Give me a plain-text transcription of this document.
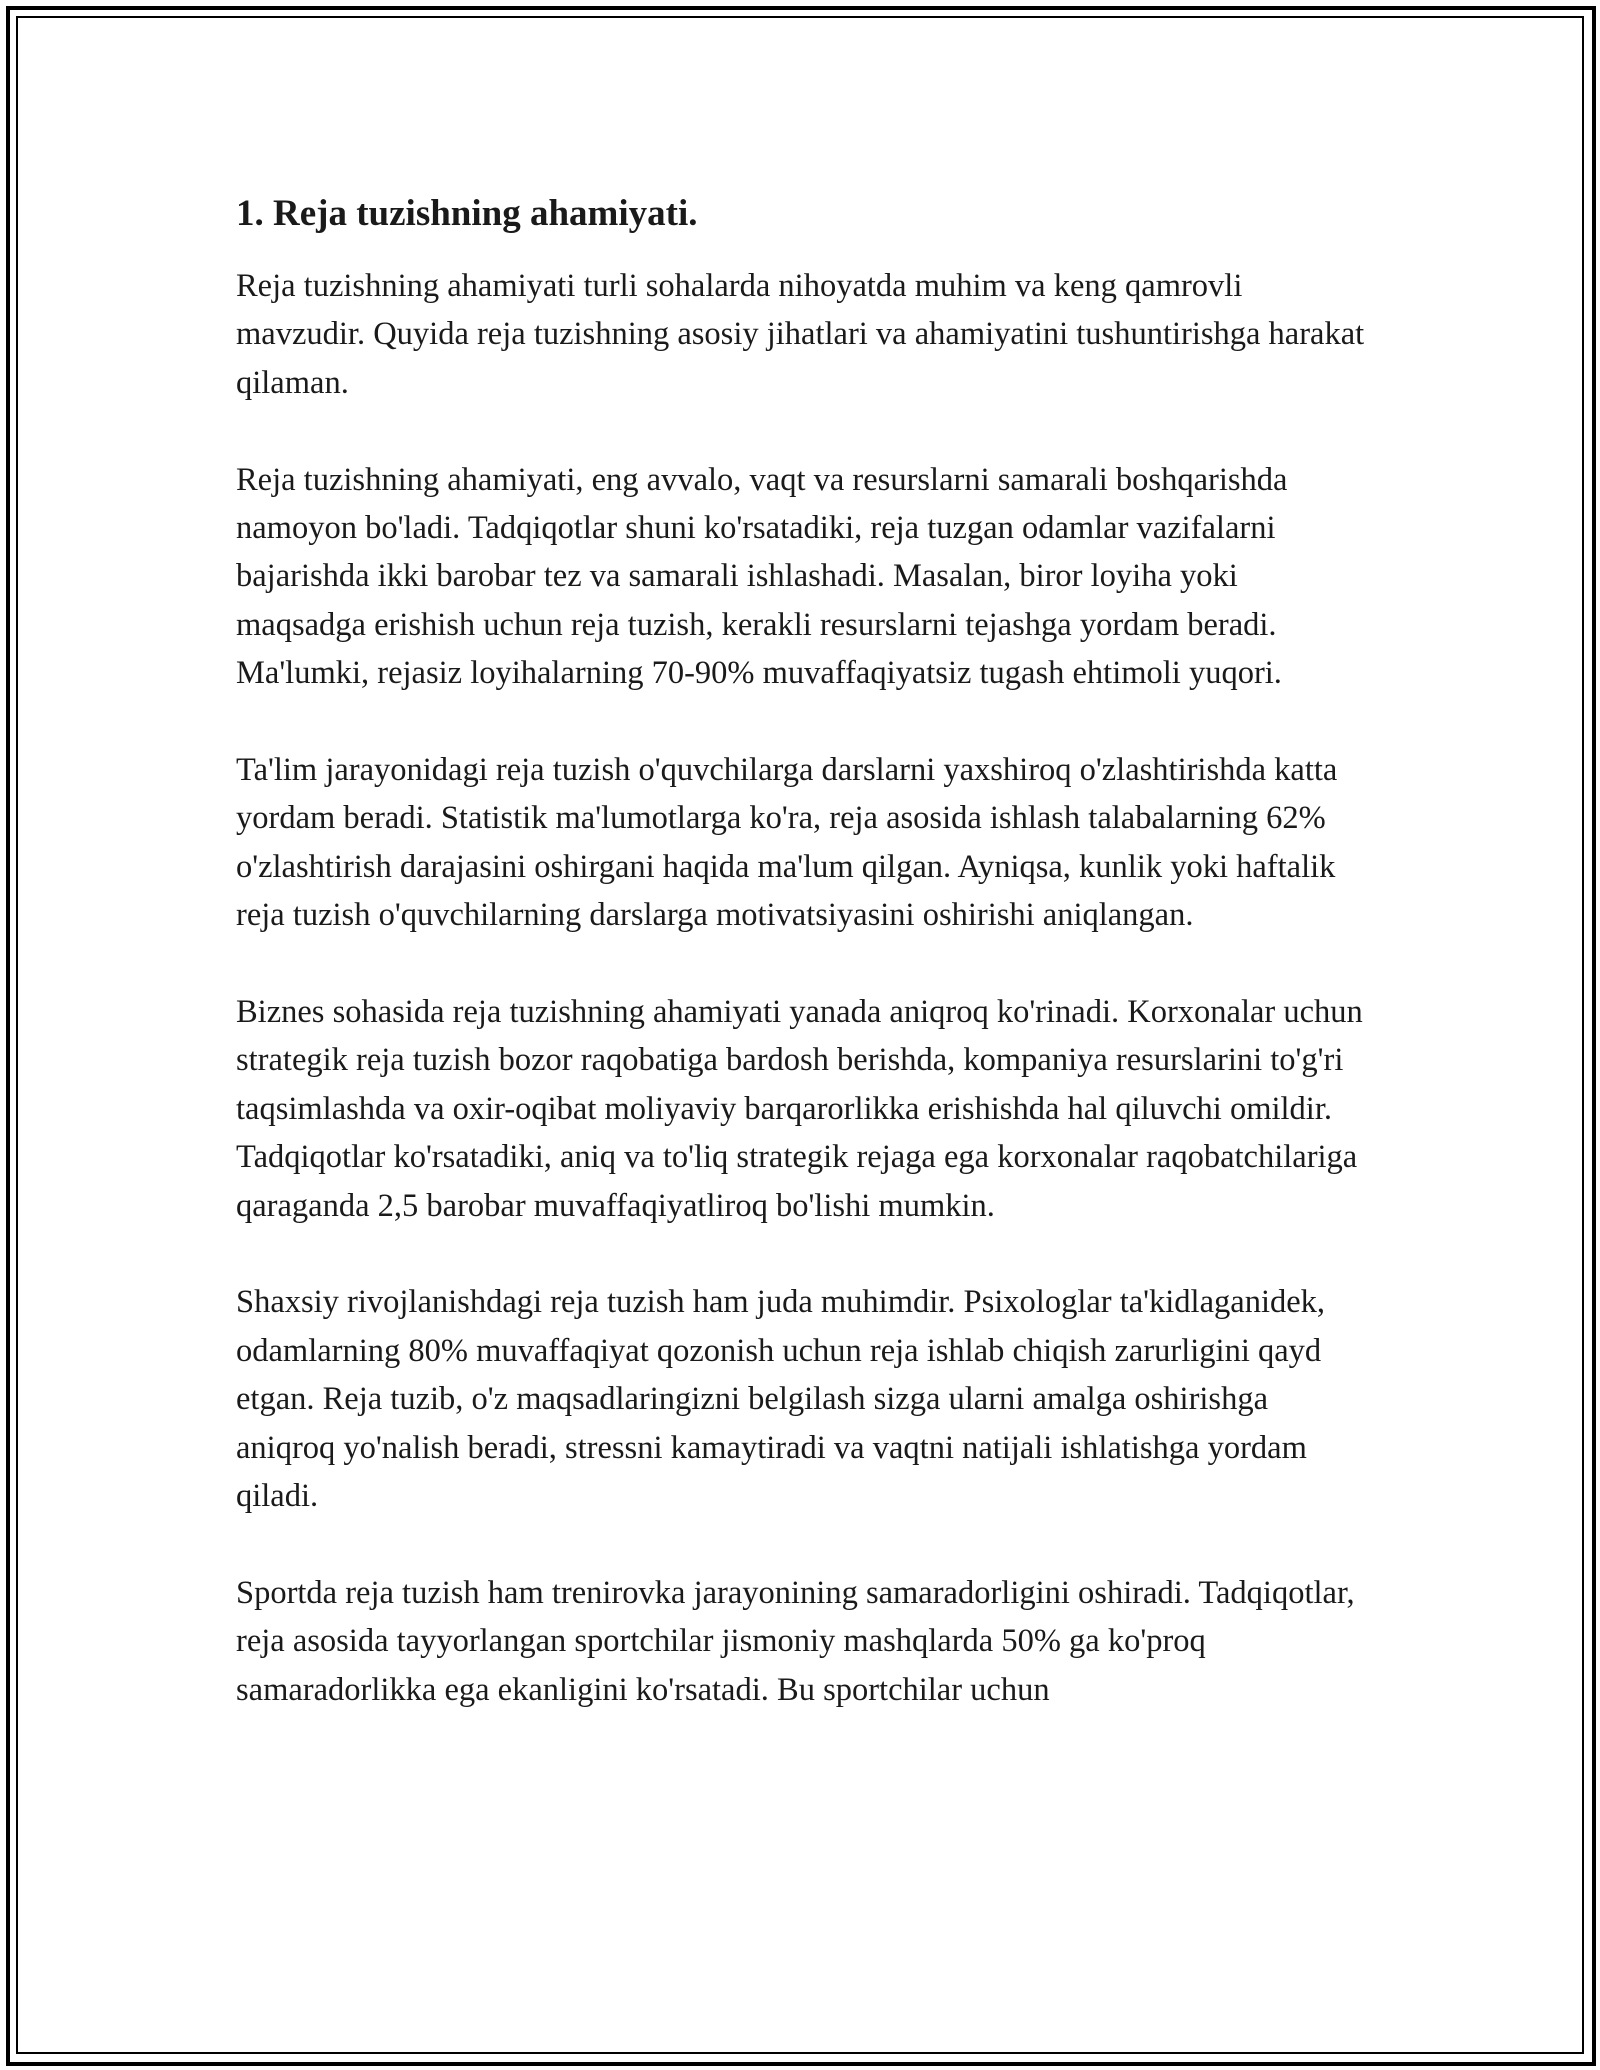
1. Reja tuzishning ahamiyati.

Reja tuzishning ahamiyati turli sohalarda nihoyatda muhim va keng qamrovli mavzudir. Quyida reja tuzishning asosiy jihatlari va ahamiyatini tushuntirishga harakat qilaman.

Reja tuzishning ahamiyati, eng avvalo, vaqt va resurslarni samarali boshqarishda namoyon bo'ladi. Tadqiqotlar shuni ko'rsatadiki, reja tuzgan odamlar vazifalarni bajarishda ikki barobar tez va samarali ishlashadi. Masalan, biror loyiha yoki maqsadga erishish uchun reja tuzish, kerakli resurslarni tejashga yordam beradi. Ma'lumki, rejasiz loyihalarning 70-90% muvaffaqiyatsiz tugash ehtimoli yuqori.

Ta'lim jarayonidagi reja tuzish o'quvchilarga darslarni yaxshiroq o'zlashtirishda katta yordam beradi. Statistik ma'lumotlarga ko'ra, reja asosida ishlash talabalarning 62% o'zlashtirish darajasini oshirgani haqida ma'lum qilgan. Ayniqsa, kunlik yoki haftalik reja tuzish o'quvchilarning darslarga motivatsiyasini oshirishi aniqlangan.

Biznes sohasida reja tuzishning ahamiyati yanada aniqroq ko'rinadi. Korxonalar uchun strategik reja tuzish bozor raqobatiga bardosh berishda, kompaniya resurslarini to'g'ri taqsimlashda va oxir-oqibat moliyaviy barqarorlikka erishishda hal qiluvchi omildir. Tadqiqotlar ko'rsatadiki, aniq va to'liq strategik rejaga ega korxonalar raqobatchilariga qaraganda 2,5 barobar muvaffaqiyatliroq bo'lishi mumkin.

Shaxsiy rivojlanishdagi reja tuzish ham juda muhimdir. Psixologlar ta'kidlaganidek, odamlarning 80% muvaffaqiyat qozonish uchun reja ishlab chiqish zarurligini qayd etgan. Reja tuzib, o'z maqsadlaringizni belgilash sizga ularni amalga oshirishga aniqroq yo'nalish beradi, stressni kamaytiradi va vaqtni natijali ishlatishga yordam qiladi.

Sportda reja tuzish ham trenirovka jarayonining samaradorligini oshiradi. Tadqiqotlar, reja asosida tayyorlangan sportchilar jismoniy mashqlarda 50% ga ko'proq samaradorlikka ega ekanligini ko'rsatadi. Bu sportchilar uchun
